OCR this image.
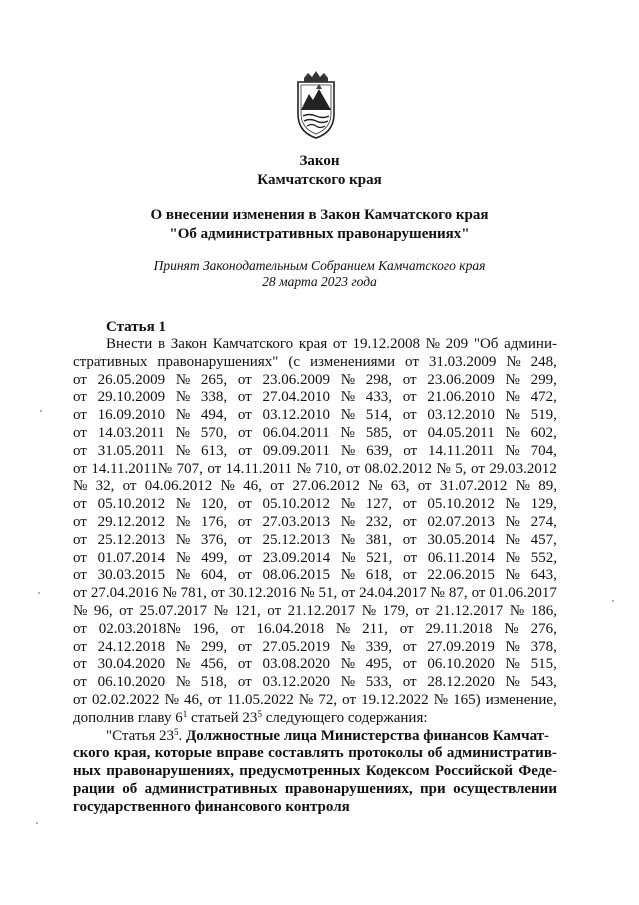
Закон
Камчатского края
О внесении изменения в Закон Камчатского края
"Об административных правонарушениях"
Принят Законодательным Собранием Камчатского края
28 марта 2023 года
Статья 1
Внести в Закон Камчатского края от 19.12.2008 № 209 "Об админи-
стративных правонарушениях" (с изменениями от 31.03.2009 № 248,
от 26.05.2009 № 265, от 23.06.2009 № 298, от 23.06.2009 № 299,
от 29.10.2009 № 338, от 27.04.2010 № 433, от 21.06.2010 № 472,
от 16.09.2010 № 494, от 03.12.2010 № 514, от 03.12.2010 № 519,
от 14.03.2011 № 570, от 06.04.2011 № 585, от 04.05.2011 № 602,
от 31.05.2011 № 613, от 09.09.2011 № 639, от 14.11.2011 № 704,
от 14.11.2011№ 707, от 14.11.2011 № 710, от 08.02.2012 № 5, от 29.03.2012
№ 32, от 04.06.2012 № 46, от 27.06.2012 № 63, от 31.07.2012 № 89,
от 05.10.2012 № 120, от 05.10.2012 № 127, от 05.10.2012 № 129,
от 29.12.2012 № 176, от 27.03.2013 № 232, от 02.07.2013 № 274,
от 25.12.2013 № 376, от 25.12.2013 № 381, от 30.05.2014 № 457,
от 01.07.2014 № 499, от 23.09.2014 № 521, от 06.11.2014 № 552,
от 30.03.2015 № 604, от 08.06.2015 № 618, от 22.06.2015 № 643,
от 27.04.2016 № 781, от 30.12.2016 № 51, от 24.04.2017 № 87, от 01.06.2017
№ 96, от 25.07.2017 № 121, от 21.12.2017 № 179, от 21.12.2017 № 186,
от 02.03.2018№ 196, от 16.04.2018 № 211, от 29.11.2018 № 276,
от 24.12.2018 № 299, от 27.05.2019 № 339, от 27.09.2019 № 378,
от 30.04.2020 № 456, от 03.08.2020 № 495, от 06.10.2020 № 515,
от 06.10.2020 № 518, от 03.12.2020 № 533, от 28.12.2020 № 543,
от 02.02.2022 № 46, от 11.05.2022 № 72, от 19.12.2022 № 165) изменение,
дополнив главу $6^1$ статьей $23^5$ следующего содержания:
"Статья $23^5$. Должностные лица Министерства финансов Камчат-
ского края, которые вправе составлять протоколы об административ-
ных правонарушениях, предусмотренных Кодексом Российской Феде-
рации об административных правонарушениях, при осуществлении
государственного финансового контроля
